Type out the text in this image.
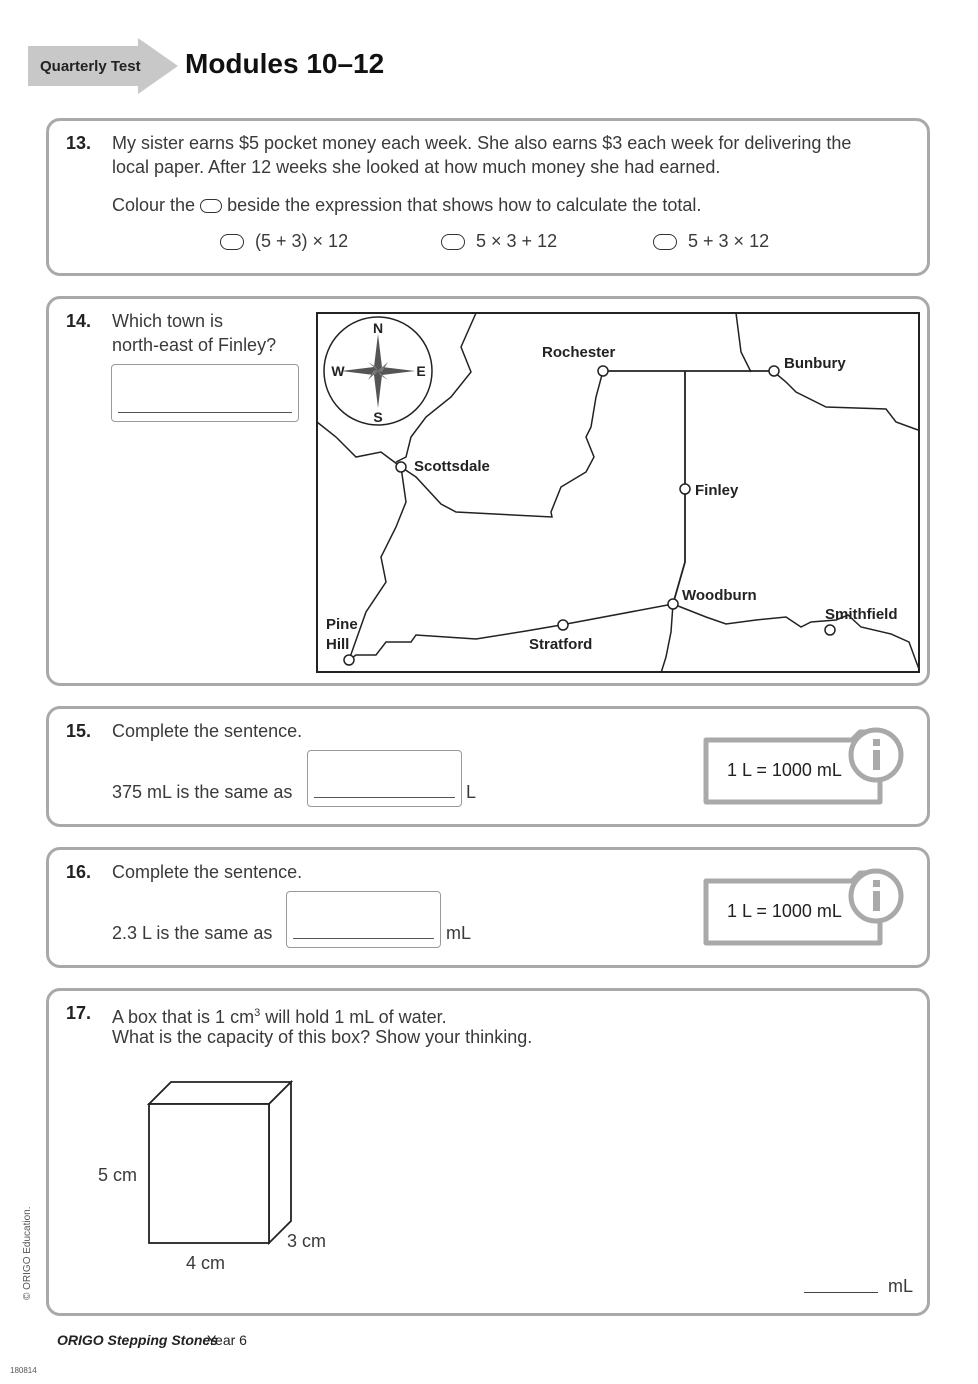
Quarterly Test Modules 10–12
13. My sister earns $5 pocket money each week. She also earns $3 each week for delivering the
local paper. After 12 weeks she looked at how much money she had earned.
Colour the beside the expression that shows how to calculate the total.
(5 + 3) × 12	5 × 3 + 12	5 + 3 × 12
14. Which town is
north-east of Finley?
N
S
E
W
Rochester
Bunbury
Scottsdale
Finley
Woodburn
Smithfield
Pine
Hill	Stratford
15. Complete the sentence.
375 mL is the same as	L
1 L = 1000 mL
16. Complete the sentence.
2.3 L is the same as	mL
1 L = 1000 mL
17. A box that is 1 $cm^3$ will hold 1 mL of water.
What is the capacity of this box? Show your thinking.
5 cm
4 cm
3 cm
mL
ORIGO Stepping Stones
Year 6
© ORIGO Education.
180814
